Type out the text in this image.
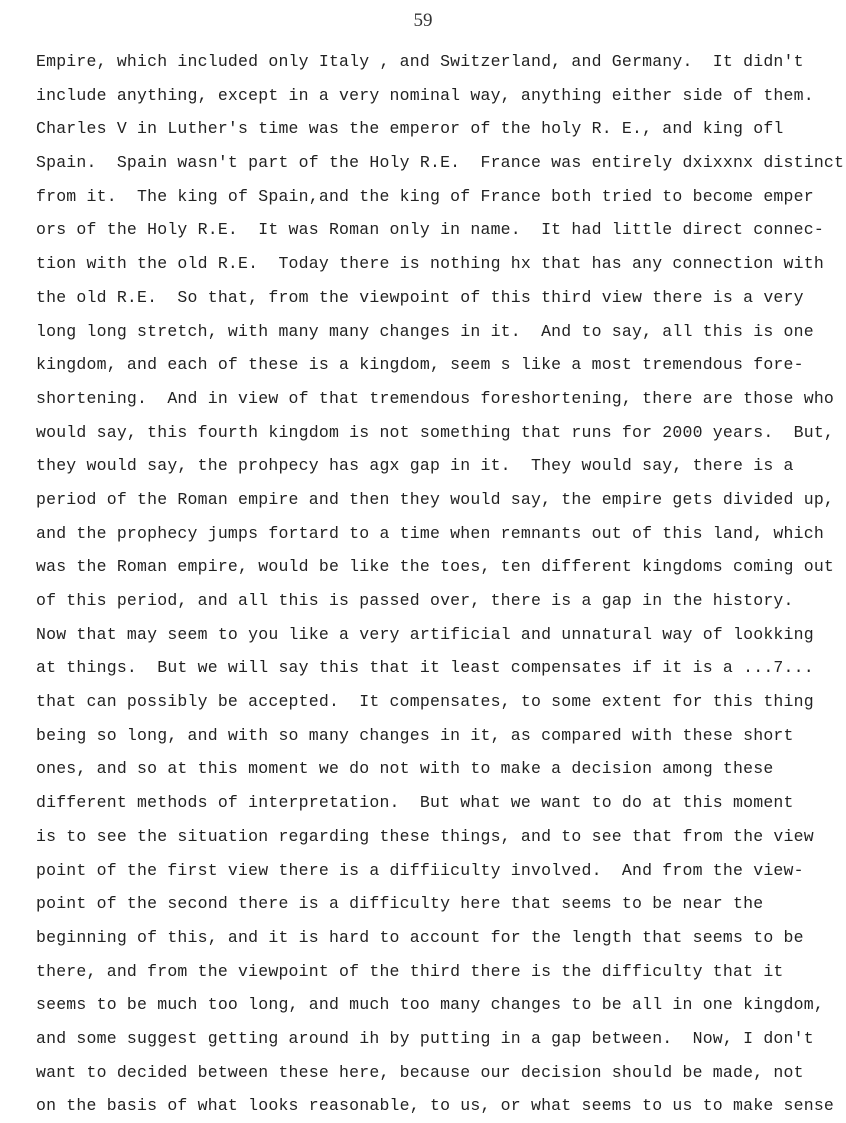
59
Empire, which included only Italy , and Switzerland, and Germany.  It didn't
include anything, except in a very nominal way, anything either side of them.
Charles V in Luther's time was the emperor of the holy R. E., and king ofl
Spain.  Spain wasn't part of the Holy R.E.  France was entirely dxixxnx distinct
from it.  The king of Spain,and the king of France both tried to become emper
ors of the Holy R.E.  It was Roman only in name.  It had little direct connec-
tion with the old R.E.  Today there is nothing hx that has any connection with
the old R.E.  So that, from the viewpoint of this third view there is a very
long long stretch, with many many changes in it.  And to say, all this is one
kingdom, and each of these is a kingdom, seem s like a most tremendous fore-
shortening.  And in view of that tremendous foreshortening, there are those who
would say, this fourth kingdom is not something that runs for 2000 years.  But,
they would say, the prohpecy has agx gap in it.  They would say, there is a
period of the Roman empire and then they would say, the empire gets divided up,
and the prophecy jumps fortard to a time when remnants out of this land, which
was the Roman empire, would be like the toes, ten different kingdoms coming out
of this period, and all this is passed over, there is a gap in the history.
Now that may seem to you like a very artificial and unnatural way of lookking
at things.  But we will say this that it least compensates if it is a ...7...
that can possibly be accepted.  It compensates, to some extent for this thing
being so long, and with so many changes in it, as compared with these short
ones, and so at this moment we do not with to make a decision among these
different methods of interpretation.  But what we want to do at this moment
is to see the situation regarding these things, and to see that from the view
point of the first view there is a diffiiculty involved.  And from the view-
point of the second there is a difficulty here that seems to be near the
beginning of this, and it is hard to account for the length that seems to be
there, and from the viewpoint of the third there is the difficulty that it
seems to be much too long, and much too many changes to be all in one kingdom,
and some suggest getting around ih by putting in a gap between.  Now, I don't
want to decided between these here, because our decision should be made, not
on the basis of what looks reasonable, to us, or what seems to us to make sense
